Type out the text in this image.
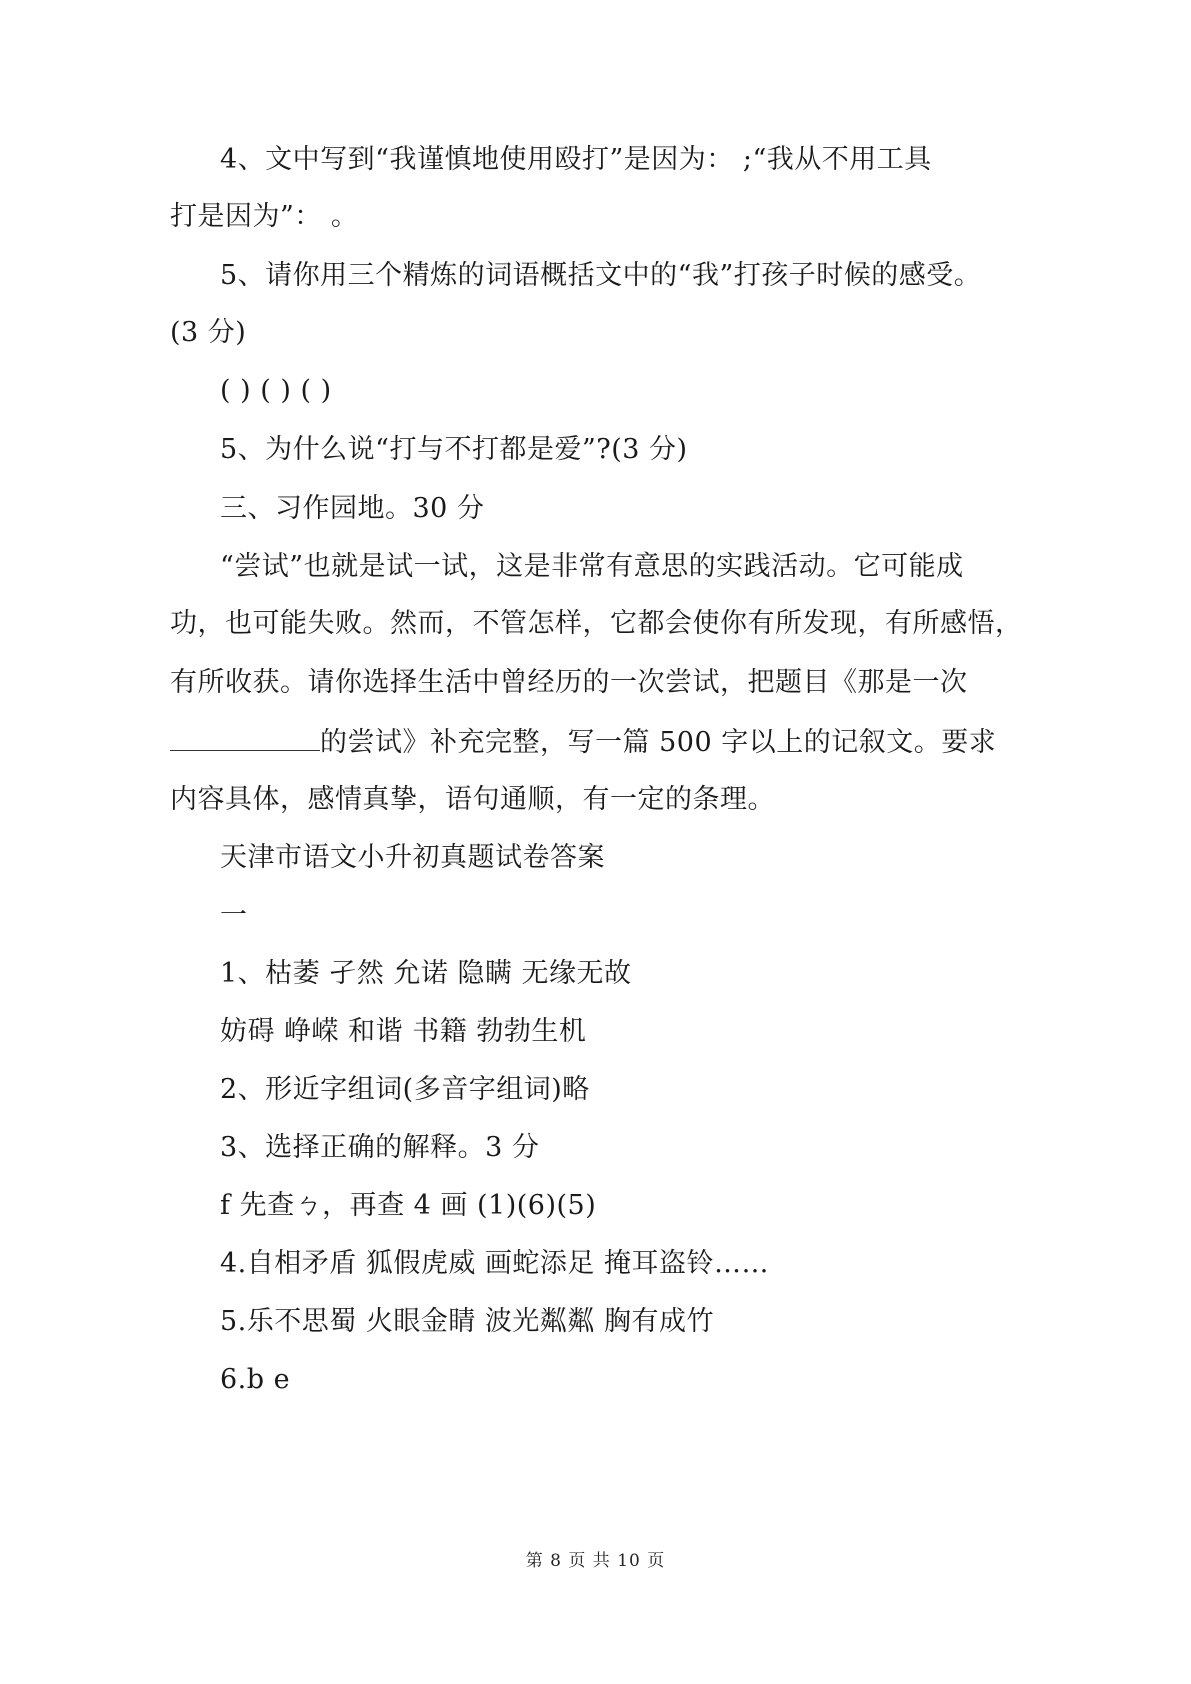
4、文中写到“我谨慎地使用殴打”是因为： ;“我从不用工具
打是因为”： 。
5、请你用三个精炼的词语概括文中的“我”打孩子时候的感受。
(3 分)
( ) ( ) ( )
5、为什么说“打与不打都是爱”?(3 分)
三、习作园地。30 分
“尝试”也就是试一试，这是非常有意思的实践活动。它可能成
功，也可能失败。然而，不管怎样，它都会使你有所发现，有所感悟，
有所收获。请你选择生活中曾经历的一次尝试，把题目《那是一次
的尝试》补充完整，写一篇 500 字以上的记叙文。要求
内容具体，感情真挚，语句通顺，有一定的条理。
天津市语文小升初真题试卷答案
一
1、枯萎 孑然 允诺 隐瞒 无缘无故
妨碍 峥嵘 和谐 书籍 勃勃生机
2、形近字组词(多音字组词)略
3、选择正确的解释。3 分
f 先查ㄅ，再查 4 画 (1)(6)(5)
4.自相矛盾 狐假虎威 画蛇添足 掩耳盗铃……
5.乐不思蜀 火眼金睛 波光粼粼 胸有成竹
6.b e
第 8 页 共 10 页
